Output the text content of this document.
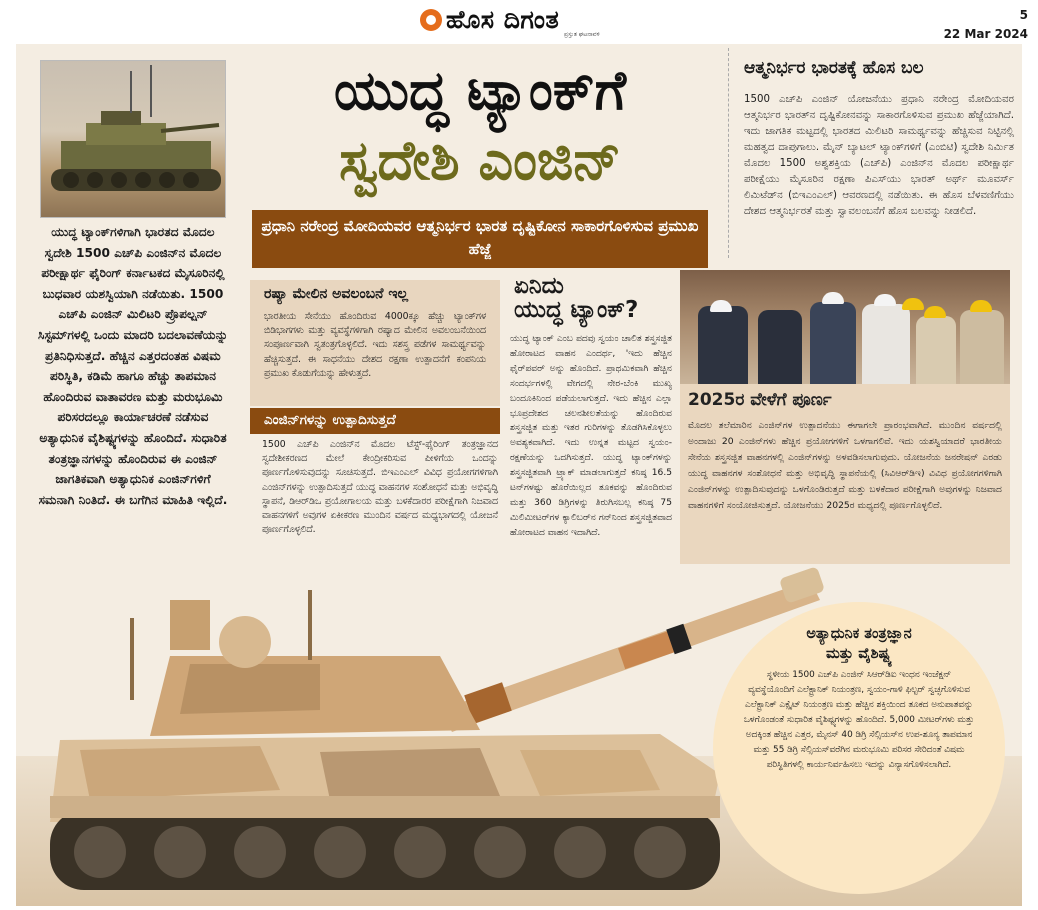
ಹೊಸ ದಿಗಂತ
ಪ್ರಸ್ತುತ ಘಟನಾವಳಿ
5
22 Mar 2024
ಯುದ್ಧ ಟ್ಯಾಂಕ್‌ಗಳಿಗಾಗಿ ಭಾರತದ ಮೊದಲ ಸ್ವದೇಶಿ 1500 ಎಚ್‌ಪಿ ಎಂಜಿನ್‌ನ ಮೊದಲ ಪರೀಕ್ಷಾರ್ಥ ಫೈರಿಂಗ್ ಕರ್ನಾಟಕದ ಮೈಸೂರಿನಲ್ಲಿ ಬುಧವಾರ ಯಶಸ್ವಿಯಾಗಿ ನಡೆಯಿತು. 1500 ಎಚ್‌ಪಿ ಎಂಜಿನ್ ಮಿಲಿಟರಿ ಪ್ರೊಪಲ್ಷನ್ ಸಿಸ್ಟಮ್‌ಗಳಲ್ಲಿ ಒಂದು ಮಾದರಿ ಬದಲಾವಣೆಯನ್ನು ಪ್ರತಿನಿಧಿಸುತ್ತದೆ. ಹೆಚ್ಚಿನ ಎತ್ತರದಂತಹ ವಿಷಮ ಪರಿಸ್ಥಿತಿ, ಕಡಿಮೆ ಹಾಗೂ ಹೆಚ್ಚು ತಾಪಮಾನ ಹೊಂದಿರುವ ವಾತಾವರಣ ಮತ್ತು ಮರುಭೂಮಿ ಪರಿಸರದಲ್ಲೂ ಕಾರ್ಯಾಚರಣೆ ನಡೆಸುವ ಅತ್ಯಾಧುನಿಕ ವೈಶಿಷ್ಟ್ಯಗಳನ್ನು ಹೊಂದಿದೆ. ಸುಧಾರಿತ ತಂತ್ರಜ್ಞಾನಗಳನ್ನು ಹೊಂದಿರುವ ಈ ಎಂಜಿನ್ ಜಾಗತಿಕವಾಗಿ ಅತ್ಯಾಧುನಿಕ ಎಂಜಿನ್‌ಗಳಿಗೆ ಸಮನಾಗಿ ನಿಂತಿದೆ. ಈ ಬಗೆಗಿನ ಮಾಹಿತಿ ಇಲ್ಲಿದೆ.
ಯುದ್ಧ ಟ್ಯಾಂಕ್‌ಗೆ
ಸ್ವದೇಶಿ ಎಂಜಿನ್
ಪ್ರಧಾನಿ ನರೇಂದ್ರ ಮೋದಿಯವರ ಆತ್ಮನಿರ್ಭರ ಭಾರತ ದೃಷ್ಟಿಕೋನ ಸಾಕಾರಗೊಳಿಸುವ ಪ್ರಮುಖ ಹೆಜ್ಜೆ
ಆತ್ಮನಿರ್ಭರ ಭಾರತಕ್ಕೆ ಹೊಸ ಬಲ
1500 ಎಚ್‌ಪಿ ಎಂಜಿನ್ ಯೋಜನೆಯು ಪ್ರಧಾನಿ ನರೇಂದ್ರ ಮೋದಿಯವರ ಆತ್ಮನಿರ್ಭರ ಭಾರತ್‌ನ ದೃಷ್ಟಿಕೋನವನ್ನು ಸಾಕಾರಗೊಳಿಸುವ ಪ್ರಮುಖ ಹೆಜ್ಜೆಯಾಗಿದೆ. ಇದು ಜಾಗತಿಕ ಮಟ್ಟದಲ್ಲಿ ಭಾರತದ ಮಿಲಿಟರಿ ಸಾಮರ್ಥ್ಯವನ್ನು ಹೆಚ್ಚಿಸುವ ನಿಟ್ಟಿನಲ್ಲಿ ಮಹತ್ವದ ದಾಪುಗಾಲು. ಮೈನ್ ಬ್ಯಾಟಲ್ ಟ್ಯಾಂಕ್‌ಗಳಿಗೆ (ಎಂಬಿಟಿ) ಸ್ವದೇಶಿ ನಿರ್ಮಿತ ಮೊದಲ 1500 ಅಶ್ವಶಕ್ತಿಯ (ಎಚ್‌ಪಿ) ಎಂಜಿನ್‌ನ ಮೊದಲ ಪರೀಕ್ಷಾರ್ಥ ಪರೀಕ್ಷೆಯು ಮೈಸೂರಿನ ರಕ್ಷಣಾ ಪಿಎಸ್‌ಯು ಭಾರತ್ ಅರ್ಥ್ ಮೂವರ್ಸ್ ಲಿಮಿಟೆಡ್‌ನ (ಬಿಇಎಂಎಲ್) ಆವರಣದಲ್ಲಿ ನಡೆಯಿತು. ಈ ಹೊಸ ಬೆಳವಣಿಗೆಯು ದೇಶದ ಆತ್ಮನಿರ್ಭರತೆ ಮತ್ತು ಸ್ವಾವಲಂಬನೆಗೆ ಹೊಸ ಬಲವನ್ನು ನೀಡಲಿದೆ.
ರಷ್ಯಾ ಮೇಲಿನ ಅವಲಂಬನೆ ಇಲ್ಲ
ಭಾರತೀಯ ಸೇನೆಯು ಹೊಂದಿರುವ 4000ಕ್ಕೂ ಹೆಚ್ಚು ಟ್ಯಾಂಕ್‌ಗಳ ಬಿಡಿಭಾಗಗಳು ಮತ್ತು ವ್ಯವಸ್ಥೆಗಳಿಗಾಗಿ ರಷ್ಯಾದ ಮೇಲಿನ ಅವಲಂಬನೆಯಿಂದ ಸಂಪೂರ್ಣವಾಗಿ ಸ್ವತಂತ್ರಗೊಳ್ಳಲಿದೆ. ಇದು ಸಶಸ್ತ್ರ ಪಡೆಗಳ ಸಾಮರ್ಥ್ಯವನ್ನು ಹೆಚ್ಚಿಸುತ್ತದೆ. ಈ ಸಾಧನೆಯು ದೇಶದ ರಕ್ಷಣಾ ಉತ್ಪಾದನೆಗೆ ಕಂಪನಿಯ ಪ್ರಮುಖ ಕೊಡುಗೆಯನ್ನು ಹೇಳುತ್ತದೆ.
ಎಂಜಿನ್‌ಗಳನ್ನು ಉತ್ಪಾದಿಸುತ್ತದೆ
1500 ಎಚ್‌ಪಿ ಎಂಜಿನ್‌ನ ಮೊದಲ ಟೆಸ್ಟ್-ಫೈರಿಂಗ್ ತಂತ್ರಜ್ಞಾನದ ಸ್ವದೇಶೀಕರಣದ ಮೇಲೆ ಕೇಂದ್ರೀಕರಿಸುವ ಪೀಳಿಗೆಯ ಒಂದನ್ನು ಪೂರ್ಣಗೊಳಿಸುವುದನ್ನು ಸೂಚಿಸುತ್ತದೆ. ಬಿಇಎಂಎಲ್ ವಿವಿಧ ಪ್ರಯೋಗಗಳಿಗಾಗಿ ಎಂಜಿನ್‌ಗಳನ್ನು ಉತ್ಪಾದಿಸುತ್ತದೆ ಯುದ್ಧ ವಾಹನಗಳ ಸಂಶೋಧನೆ ಮತ್ತು ಅಭಿವೃದ್ಧಿ ಸ್ಥಾಪನೆ, ಡಿಆರ್‌ಡಿಒ ಪ್ರಯೋಗಾಲಯ ಮತ್ತು ಬಳಕೆದಾರರ ಪರೀಕ್ಷೆಗಾಗಿ ನಿಜವಾದ ವಾಹನಗಳಿಗೆ ಅವುಗಳ ಏಕೀಕರಣ ಮುಂದಿನ ವರ್ಷದ ಮಧ್ಯಭಾಗದಲ್ಲಿ ಯೋಜನೆ ಪೂರ್ಣಗೊಳ್ಳಲಿದೆ.
ಏನಿದು
ಯುದ್ಧ ಟ್ಯಾಂಕ್?
ಯುದ್ಧ ಟ್ಯಾಂಕ್ ಎಂಬ ಪದವು ಸ್ವಯಂ ಚಾಲಿತ ಶಸ್ತ್ರಸಜ್ಜಿತ ಹೋರಾಟದ ವಾಹನ ಎಂದರ್ಥ, 'ಇದು ಹೆಚ್ಚಿನ ಫೈರ್‌ಪವರ್ ಅನ್ನು ಹೊಂದಿದೆ. ಪ್ರಾಥಮಿಕವಾಗಿ ಹೆಚ್ಚಿನ ಸಂದರ್ಭಗಳಲ್ಲಿ ವೇಗದಲ್ಲಿ ನೇರ-ಬೆಂಕಿ ಮುಖ್ಯ ಬಂದೂಕಿನಿಂದ ಪಡೆಯಲಾಗುತ್ತದೆ. ಇದು ಹೆಚ್ಚಿನ ಎಲ್ಲಾ ಭೂಪ್ರದೇಶದ ಚಲನಶೀಲತೆಯನ್ನು ಹೊಂದಿರುವ ಶಸ್ತ್ರಸಜ್ಜಿತ ಮತ್ತು ಇತರ ಗುರಿಗಳನ್ನು ತೊಡಗಿಸಿಕೊಳ್ಳಲು ಅವಶ್ಯಕವಾಗಿದೆ. ಇದು ಉನ್ನತ ಮಟ್ಟದ ಸ್ವಯಂ-ರಕ್ಷಣೆಯನ್ನು ಒದಗಿಸುತ್ತದೆ. ಯುದ್ಧ ಟ್ಯಾಂಕ್‌ಗಳನ್ನು ಶಸ್ತ್ರಸಜ್ಜಿತವಾಗಿ ಟ್ರ್ಯಾಕ್ ಮಾಡಲಾಗುತ್ತದೆ ಕನಿಷ್ಠ 16.5 ಟನ್‌ಗಳಷ್ಟು ಹೊರೆಯಿಲ್ಲದ ತೂಕವನ್ನು ಹೊಂದಿರುವ ಮತ್ತು 360 ಡಿಗ್ರಿಗಳನ್ನು ತಿರುಗಿಸಬಲ್ಲ ಕನಿಷ್ಠ 75 ಮಿಲಿಮೀಟರ್‌ಗಳ ಕ್ಯಾಲಿಬರ್‌ನ ಗನ್‌ನಿಂದ ಶಸ್ತ್ರಸಜ್ಜಿತವಾದ ಹೋರಾಟದ ವಾಹನ ಇದಾಗಿದೆ.
2025ರ ವೇಳೆಗೆ ಪೂರ್ಣ
ಮೊದಲ ತಲೆಮಾರಿನ ಎಂಜಿನ್‌ಗಳ ಉತ್ಪಾದನೆಯು ಈಗಾಗಲೇ ಪ್ರಾರಂಭವಾಗಿದೆ. ಮುಂದಿನ ವರ್ಷದಲ್ಲಿ ಅಂದಾಜು 20 ಎಂಜಿನ್‌ಗಳು ಹೆಚ್ಚಿನ ಪ್ರಯೋಗಗಳಿಗೆ ಒಳಗಾಗಲಿವೆ. ಇದು ಯಶಸ್ವಿಯಾದರೆ ಭಾರತೀಯ ಸೇನೆಯ ಶಸ್ತ್ರಸಜ್ಜಿತ ವಾಹನಗಳಲ್ಲಿ ಎಂಜಿನ್‌ಗಳನ್ನು ಅಳವಡಿಸಲಾಗುವುದು. ಯೋಜನೆಯ ಜನರೇಷನ್ ಎರಡು ಯುದ್ಧ ವಾಹನಗಳ ಸಂಶೋಧನೆ ಮತ್ತು ಅಭಿವೃದ್ಧಿ ಸ್ಥಾಪನೆಯಲ್ಲಿ (ಸಿವಿಆರ್‌ಡಿಇ) ವಿವಿಧ ಪ್ರಯೋಗಗಳಿಗಾಗಿ ಎಂಜಿನ್‌ಗಳನ್ನು ಉತ್ಪಾದಿಸುವುದನ್ನು ಒಳಗೊಂಡಿರುತ್ತದೆ ಮತ್ತು ಬಳಕೆದಾರ ಪರೀಕ್ಷೆಗಾಗಿ ಅವುಗಳನ್ನು ನಿಜವಾದ ವಾಹನಗಳಿಗೆ ಸಂಯೋಜಿಸುತ್ತದೆ. ಯೋಜನೆಯು 2025ರ ಮಧ್ಯದಲ್ಲಿ ಪೂರ್ಣಗೊಳ್ಳಲಿದೆ.
ಅತ್ಯಾಧುನಿಕ ತಂತ್ರಜ್ಞಾನ
ಮತ್ತು ವೈಶಿಷ್ಟ್ಯ
ಸ್ಥಳೀಯ 1500 ಎಚ್‌ಪಿ ಎಂಜಿನ್ ಸಿಆರ್‌ಡಿಐ ಇಂಧನ ಇಂಜೆಕ್ಷನ್ ವ್ಯವಸ್ಥೆಯೊಂದಿಗೆ ಎಲೆಕ್ಟ್ರಾನಿಕ್ ನಿಯಂತ್ರಣ, ಸ್ವಯಂ-ಗಾಳಿ ಫಿಲ್ಟರ್ ಸ್ವಚ್ಛಗೊಳಿಸುವ ಎಲೆಕ್ಟ್ರಾನಿಕ್ ಎಕ್ಸೈಟ್ ನಿಯಂತ್ರಣ ಮತ್ತು ಹೆಚ್ಚಿನ ಶಕ್ತಿಯಿಂದ ತೂಕದ ಅನುಪಾತವನ್ನು ಒಳಗೊಂಡಂತೆ ಸುಧಾರಿತ ವೈಶಿಷ್ಟ್ಯಗಳನ್ನು ಹೊಂದಿದೆ. 5,000 ಮೀಟರ್‌ಗಳು ಮತ್ತು ಅದಕ್ಕಿಂತ ಹೆಚ್ಚಿನ ಎತ್ತರ, ಮೈನಸ್ 40 ಡಿಗ್ರಿ ಸೆಲ್ಸಿಯಸ್‌ನ ಉಪ-ಶೂನ್ಯ ತಾಪಮಾನ ಮತ್ತು 55 ಡಿಗ್ರಿ ಸೆಲ್ಸಿಯಸ್‌ವರೆಗಿನ ಮರುಭೂಮಿ ಪರಿಸರ ಸೇರಿದಂತೆ ವಿಷಮ ಪರಿಸ್ಥಿತಿಗಳಲ್ಲಿ ಕಾರ್ಯನಿರ್ವಹಿಸಲು ಇದನ್ನು ವಿನ್ಯಾಸಗೊಳಿಸಲಾಗಿದೆ.
